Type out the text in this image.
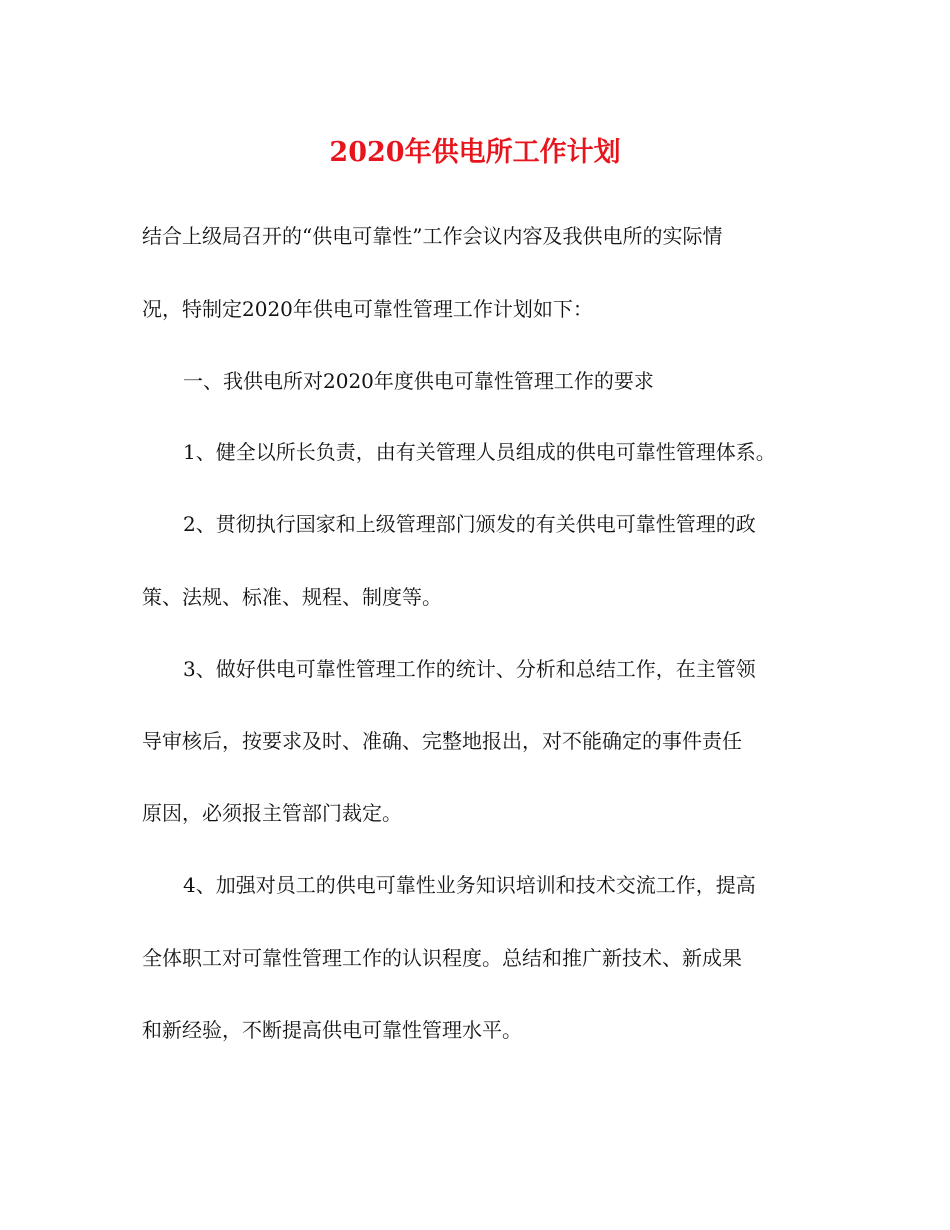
2020年供电所工作计划
结合上级局召开的“供电可靠性”工作会议内容及我供电所的实际情
况，特制定2020年供电可靠性管理工作计划如下：
一、我供电所对2020年度供电可靠性管理工作的要求
1、健全以所长负责，由有关管理人员组成的供电可靠性管理体系。
2、贯彻执行国家和上级管理部门颁发的有关供电可靠性管理的政
策、法规、标准、规程、制度等。
3、做好供电可靠性管理工作的统计、分析和总结工作，在主管领
导审核后，按要求及时、准确、完整地报出，对不能确定的事件责任
原因，必须报主管部门裁定。
4、加强对员工的供电可靠性业务知识培训和技术交流工作，提高
全体职工对可靠性管理工作的认识程度。总结和推广新技术、新成果
和新经验，不断提高供电可靠性管理水平。
